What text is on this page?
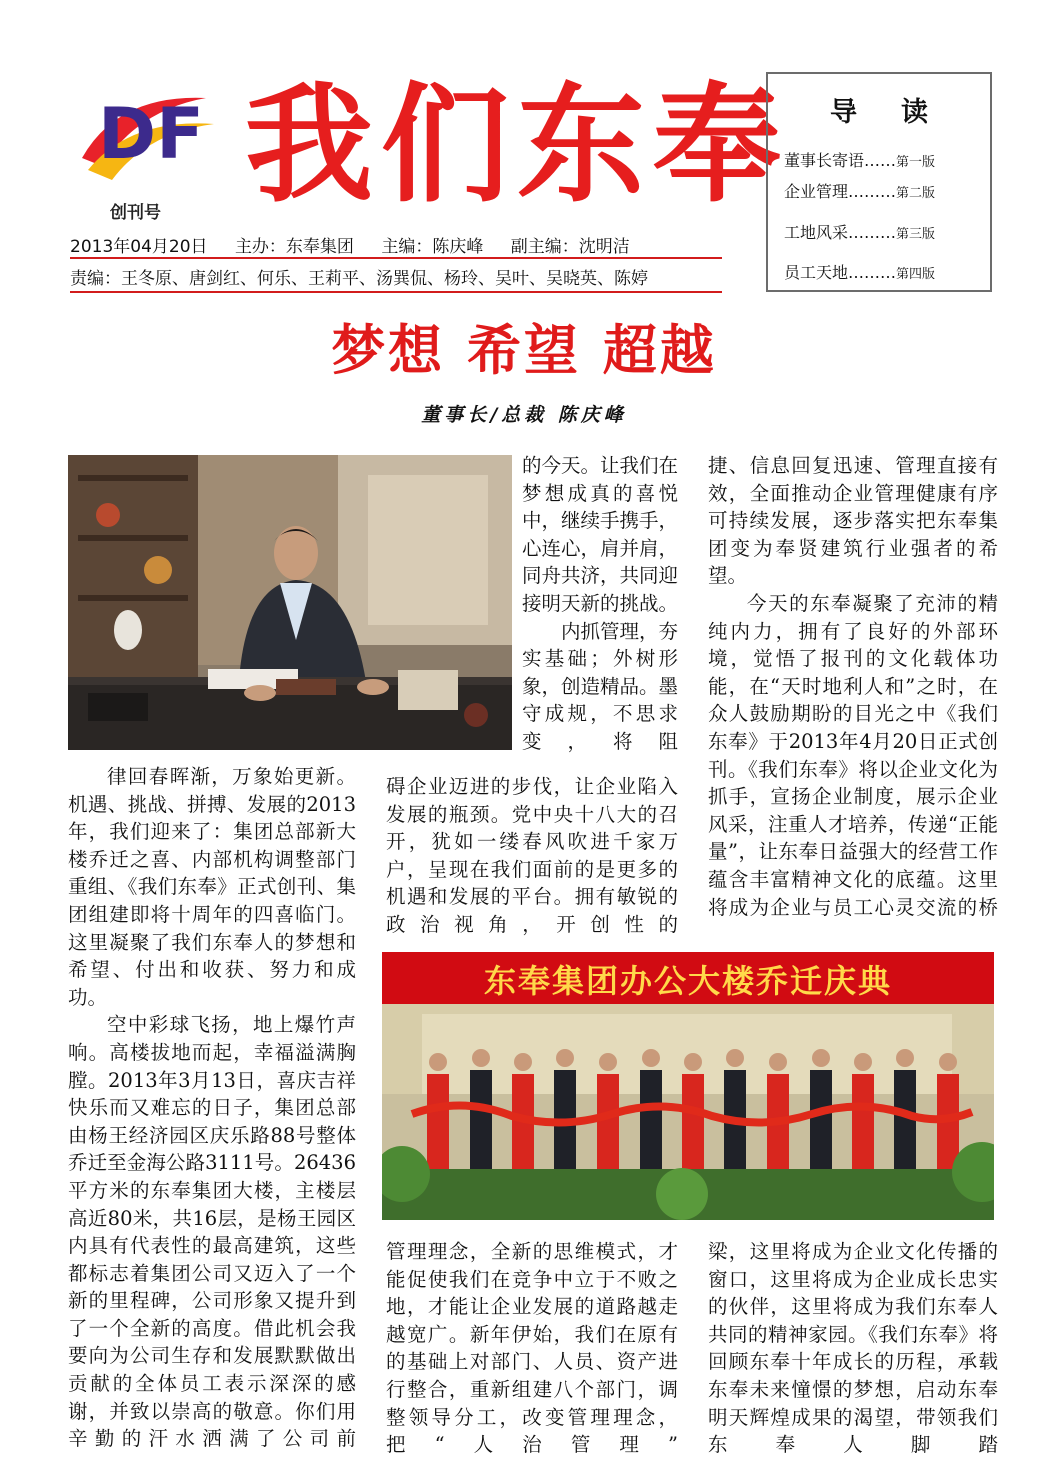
DF
创刊号 我们东奉
2013年04月20日 主办：东奉集团 主编：陈庆峰 副主编：沈明洁
责编：王冬原、唐剑红、何乐、王莉平、汤巽侃、杨玲、吴叶、吴晓英、陈婷
导读
董事长寄语……第一版
企业管理………第二版
工地风采………第三版
员工天地………第四版
梦想 希望 超越
董事长/总裁 陈庆峰

律回春晖渐，万象始更新。机遇、挑战、拼搏、发展的2013年，我们迎来了：集团总部新大楼乔迁之喜、内部机构调整部门重组、《我们东奉》正式创刊、集团组建即将十周年的四喜临门。这里凝聚了我们东奉人的梦想和希望、付出和收获、努力和成功。

空中彩球飞扬，地上爆竹声响。高楼拔地而起，幸福溢满胸膛。2013年3月13日，喜庆吉祥快乐而又难忘的日子，集团总部由杨王经济园区庆乐路88号整体乔迁至金海公路3111号。26436平方米的东奉集团大楼，主楼层高近80米，共16层，是杨王园区内具有代表性的最高建筑，这些都标志着集团公司又迈入了一个新的里程碑，公司形象又提升到了一个全新的高度。借此机会我要向为公司生存和发展默默做出贡献的全体员工表示深深的感谢，并致以崇高的敬意。你们用辛勤的汗水洒满了公司前

的今天。让我们在梦想成真的喜悦中，继续手携手，心连心，肩并肩，同舟共济，共同迎接明天新的挑战。

内抓管理，夯实基础；外树形象，创造精品。墨守成规，不思求变，将阻

碍企业迈进的步伐，让企业陷入发展的瓶颈。党中央十八大的召开，犹如一缕春风吹进千家万户，呈现在我们面前的是更多的机遇和发展的平台。拥有敏锐的政治视角，开创性的

捷、信息回复迅速、管理直接有效，全面推动企业管理健康有序可持续发展，逐步落实把东奉集团变为奉贤建筑行业强者的希望。

今天的东奉凝聚了充沛的精纯内力，拥有了良好的外部环境，觉悟了报刊的文化载体功能，在“天时地利人和”之时，在众人鼓励期盼的目光之中《我们东奉》于2013年4月20日正式创刊。《我们东奉》将以企业文化为抓手，宣扬企业制度，展示企业风采，注重人才培养，传递“正能量”，让东奉日益强大的经营工作蕴含丰富精神文化的底蕴。这里将成为企业与员工心灵交流的桥

东奉集团办公大楼乔迁庆典

管理理念，全新的思维模式，才能促使我们在竞争中立于不败之地，才能让企业发展的道路越走越宽广。新年伊始，我们在原有的基础上对部门、人员、资产进行整合，重新组建八个部门，调整领导分工，改变管理理念，把“人治管理”

梁，这里将成为企业文化传播的窗口，这里将成为企业成长忠实的伙伴，这里将成为我们东奉人共同的精神家园。《我们东奉》将回顾东奉十年成长的历程，承载东奉未来憧憬的梦想，启动东奉明天辉煌成果的渴望，带领我们东奉人脚踏
